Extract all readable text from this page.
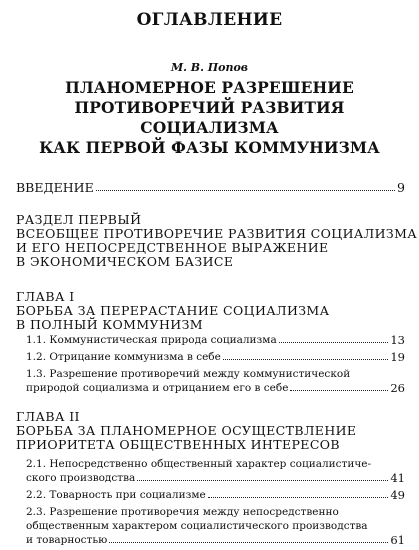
ОГЛАВЛЕНИЕ
М. В. Попов
ПЛАНОМЕРНОЕ РАЗРЕШЕНИЕ
ПРОТИВОРЕЧИЙ РАЗВИТИЯ СОЦИАЛИЗМА
КАК ПЕРВОЙ ФАЗЫ КОММУНИЗМА
ВВЕДЕНИЕ	9
РАЗДЕЛ ПЕРВЫЙ
ВСЕОБЩЕЕ ПРОТИВОРЕЧИЕ РАЗВИТИЯ СОЦИАЛИЗМА
И ЕГО НЕПОСРЕДСТВЕННОЕ ВЫРАЖЕНИЕ
В ЭКОНОМИЧЕСКОМ БАЗИСЕ
ГЛАВА I
БОРЬБА ЗА ПЕРЕРАСТАНИЕ СОЦИАЛИЗМА
В ПОЛНЫЙ КОММУНИЗМ
1.1. Коммунистическая природа социализма	13
1.2. Отрицание коммунизма в себе	19
1.3. Разрешение противоречий между коммунистической
природой социализма и отрицанием его в себе	26
ГЛАВА II
БОРЬБА ЗА ПЛАНОМЕРНОЕ ОСУЩЕСТВЛЕНИЕ
ПРИОРИТЕТА ОБЩЕСТВЕННЫХ ИНТЕРЕСОВ
2.1. Непосредственно общественный характер социалистиче-
ского производства	41
2.2. Товарность при социализме	49
2.3. Разрешение противоречия между непосредственно
общественным характером социалистического производства
и товарностью	61
